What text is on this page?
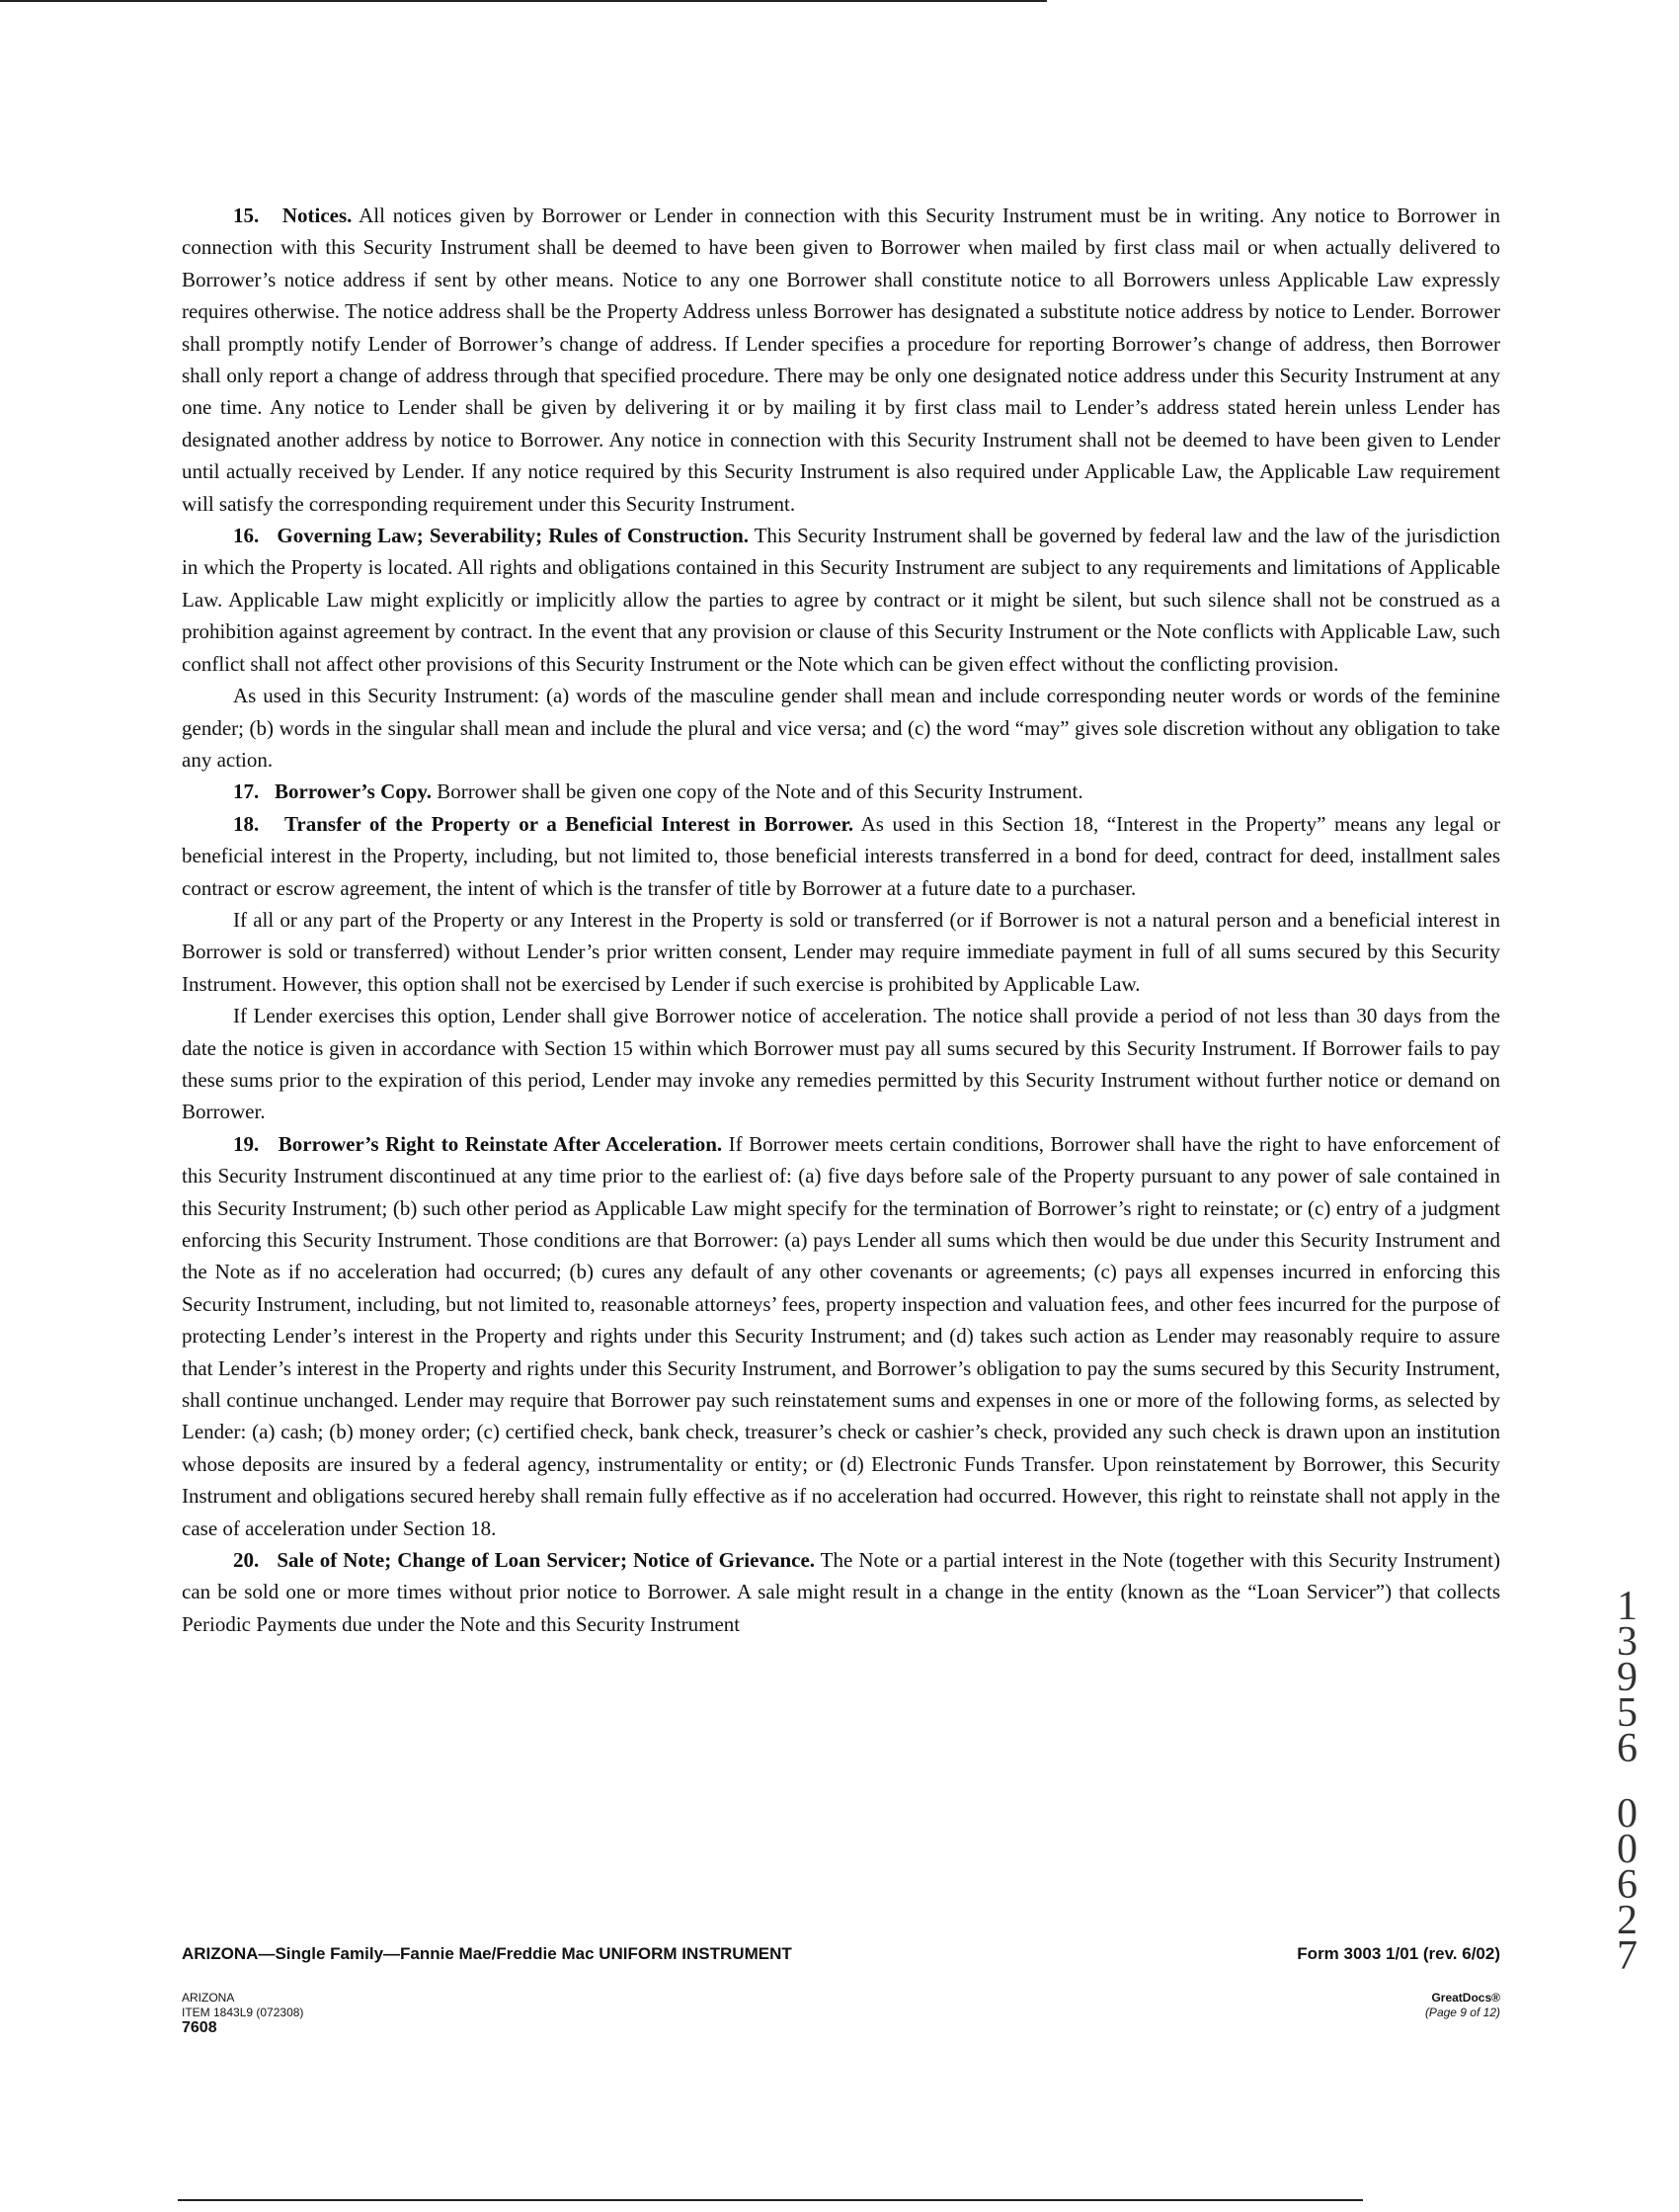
15. Notices. All notices given by Borrower or Lender in connection with this Security Instrument must be in writing. Any notice to Borrower in connection with this Security Instrument shall be deemed to have been given to Borrower when mailed by first class mail or when actually delivered to Borrower’s notice address if sent by other means. Notice to any one Borrower shall constitute notice to all Borrowers unless Applicable Law expressly requires otherwise. The notice address shall be the Property Address unless Borrower has designated a substitute notice address by notice to Lender. Borrower shall promptly notify Lender of Borrower’s change of address. If Lender specifies a procedure for reporting Borrower’s change of address, then Borrower shall only report a change of address through that specified procedure. There may be only one designated notice address under this Security Instrument at any one time. Any notice to Lender shall be given by delivering it or by mailing it by first class mail to Lender’s address stated herein unless Lender has designated another address by notice to Borrower. Any notice in connection with this Security Instrument shall not be deemed to have been given to Lender until actually received by Lender. If any notice required by this Security Instrument is also required under Applicable Law, the Applicable Law requirement will satisfy the corresponding requirement under this Security Instrument.

16. Governing Law; Severability; Rules of Construction. This Security Instrument shall be governed by federal law and the law of the jurisdiction in which the Property is located. All rights and obligations contained in this Security Instrument are subject to any requirements and limitations of Applicable Law. Applicable Law might explicitly or implicitly allow the parties to agree by contract or it might be silent, but such silence shall not be construed as a prohibition against agreement by contract. In the event that any provision or clause of this Security Instrument or the Note conflicts with Applicable Law, such conflict shall not affect other provisions of this Security Instrument or the Note which can be given effect without the conflicting provision.

As used in this Security Instrument: (a) words of the masculine gender shall mean and include corresponding neuter words or words of the feminine gender; (b) words in the singular shall mean and include the plural and vice versa; and (c) the word “may” gives sole discretion without any obligation to take any action.

17. Borrower’s Copy. Borrower shall be given one copy of the Note and of this Security Instrument.

18. Transfer of the Property or a Beneficial Interest in Borrower. As used in this Section 18, “Interest in the Property” means any legal or beneficial interest in the Property, including, but not limited to, those beneficial interests transferred in a bond for deed, contract for deed, installment sales contract or escrow agreement, the intent of which is the transfer of title by Borrower at a future date to a purchaser.

If all or any part of the Property or any Interest in the Property is sold or transferred (or if Borrower is not a natural person and a beneficial interest in Borrower is sold or transferred) without Lender’s prior written consent, Lender may require immediate payment in full of all sums secured by this Security Instrument. However, this option shall not be exercised by Lender if such exercise is prohibited by Applicable Law.

If Lender exercises this option, Lender shall give Borrower notice of acceleration. The notice shall provide a period of not less than 30 days from the date the notice is given in accordance with Section 15 within which Borrower must pay all sums secured by this Security Instrument. If Borrower fails to pay these sums prior to the expiration of this period, Lender may invoke any remedies permitted by this Security Instrument without further notice or demand on Borrower.

19. Borrower’s Right to Reinstate After Acceleration. If Borrower meets certain conditions, Borrower shall have the right to have enforcement of this Security Instrument discontinued at any time prior to the earliest of: (a) five days before sale of the Property pursuant to any power of sale contained in this Security Instrument; (b) such other period as Applicable Law might specify for the termination of Borrower’s right to reinstate; or (c) entry of a judgment enforcing this Security Instrument. Those conditions are that Borrower: (a) pays Lender all sums which then would be due under this Security Instrument and the Note as if no acceleration had occurred; (b) cures any default of any other covenants or agreements; (c) pays all expenses incurred in enforcing this Security Instrument, including, but not limited to, reasonable attorneys’ fees, property inspection and valuation fees, and other fees incurred for the purpose of protecting Lender’s interest in the Property and rights under this Security Instrument; and (d) takes such action as Lender may reasonably require to assure that Lender’s interest in the Property and rights under this Security Instrument, and Borrower’s obligation to pay the sums secured by this Security Instrument, shall continue unchanged. Lender may require that Borrower pay such reinstatement sums and expenses in one or more of the following forms, as selected by Lender: (a) cash; (b) money order; (c) certified check, bank check, treasurer’s check or cashier’s check, provided any such check is drawn upon an institution whose deposits are insured by a federal agency, instrumentality or entity; or (d) Electronic Funds Transfer. Upon reinstatement by Borrower, this Security Instrument and obligations secured hereby shall remain fully effective as if no acceleration had occurred. However, this right to reinstate shall not apply in the case of acceleration under Section 18.

20. Sale of Note; Change of Loan Servicer; Notice of Grievance. The Note or a partial interest in the Note (together with this Security Instrument) can be sold one or more times without prior notice to Borrower. A sale might result in a change in the entity (known as the “Loan Servicer”) that collects Periodic Payments due under the Note and this Security Instrument

ARIZONA—Single Family—Fannie Mae/Freddie Mac UNIFORM INSTRUMENT	Form 3003 1/01 (rev. 6/02)
ARIZONA
ITEM 1843L9 (072308)
7608
GreatDocs®
(Page 9 of 12)
1
3
9
5
6
0
0
6
2
7
